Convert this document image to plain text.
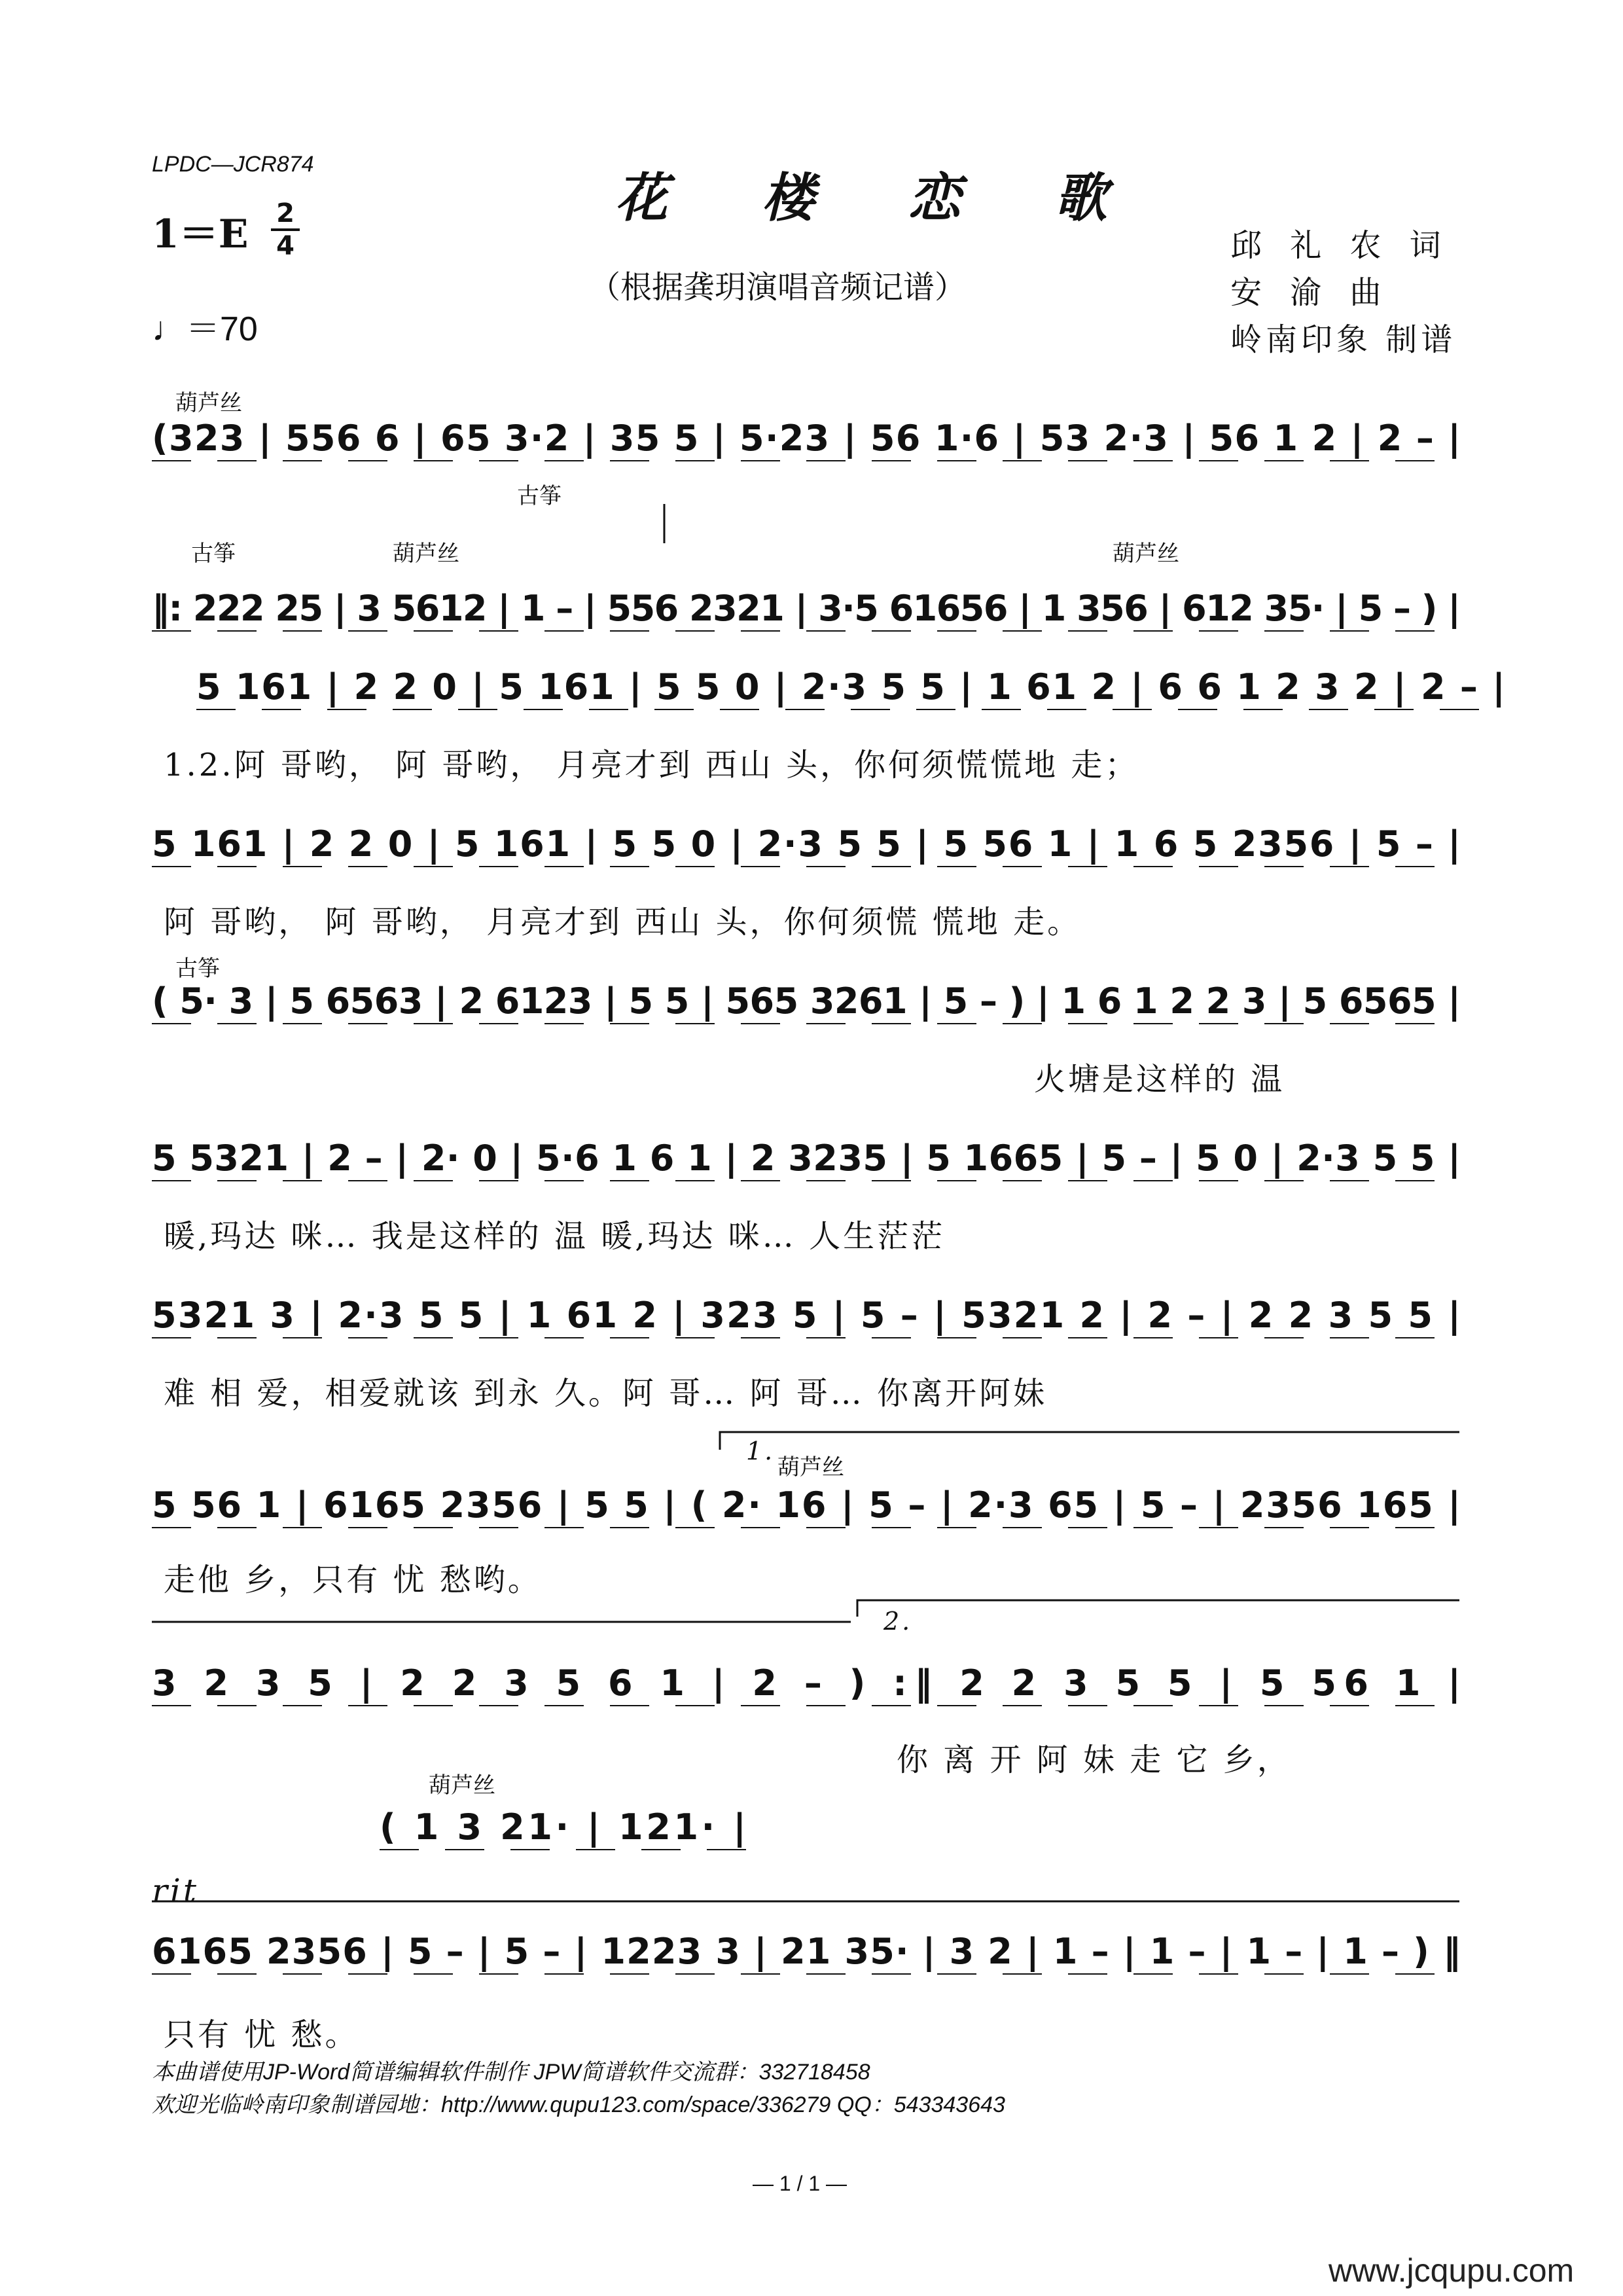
LPDC—JCR874
花 楼 恋 歌
（根据龚玥演唱音频记谱）
1＝E 2
4
♩＝70
邱 礼 农 词
安 渝 曲
岭南印象 制谱
(323 | 556 6 | 65 3·2 | 35 5 | 5·23 | 56 1·6 | 53 2·3 | 56 1 2 | 2 – |
‖: 222 25 | 3 5612 | 1 – | 556 2321 | 3·5 61656 | 1 356 | 612 35· | 5 – ) |
5 161 | 2 2 0 | 5 161 | 5 5 0 | 2·3 5 5 | 1 61 2 | 6 6 1 2 3 2 | 2 – |
5 161 | 2 2 0 | 5 161 | 5 5 0 | 2·3 5 5 | 5 56 1 | 1 6 5 2356 | 5 – |
( 5· 3 | 5 6563 | 2 6123 | 5 5 | 565 3261 | 5 – ) | 1 6 1 2 2 3 | 5 6565 |
5 5321 | 2 – | 2· 0 | 5·6 1 6 1 | 2 3235 | 5 1665 | 5 – | 5 0 | 2·3 5 5 |
5321 3 | 2·3 5 5 | 1 61 2 | 323 5 | 5 – | 5321 2 | 2 – | 2 2 3 5 5 |
5 56 1 | 6165 2356 | 5 5 | ( 2· 16 | 5 – | 2·3 65 | 5 – | 2356 165 |
3 2 3 5 | 2 2 3 5 6 1 | 2 – ) :‖ 2 2 3 5 5 | 5 56 1 |
( 1 3 21· | 121· |
6165 2356 | 5 – | 5 – | 1223 3 | 21 35· | 3 2 | 1 – | 1 – | 1 – | 1 – ) ‖
葫芦丝
古筝	葫芦丝
古筝
葫芦丝
古筝
葫芦丝
葫芦丝
1.
2.
rit
1.2.阿 哥哟， 阿 哥哟， 月亮才到 西山 头，你何须慌慌地 走；
阿 哥哟， 阿 哥哟， 月亮才到 西山 头，你何须慌 慌地 走。
火塘是这样的 温
暖,玛达 咪… 我是这样的 温 暖,玛达 咪… 人生茫茫
难 相 爱，相爱就该 到永 久。阿 哥… 阿 哥… 你离开阿妹
走他 乡，只有 忧 愁哟。
你 离 开 阿 妹 走 它 乡，
只有 忧 愁。
本曲谱使用JP-Word简谱编辑软件制作 JPW简谱软件交流群：332718458
欢迎光临岭南印象制谱园地：http://www.qupu123.com/space/336279 QQ：543343643
— 1 / 1 —
www.jcqupu.com
